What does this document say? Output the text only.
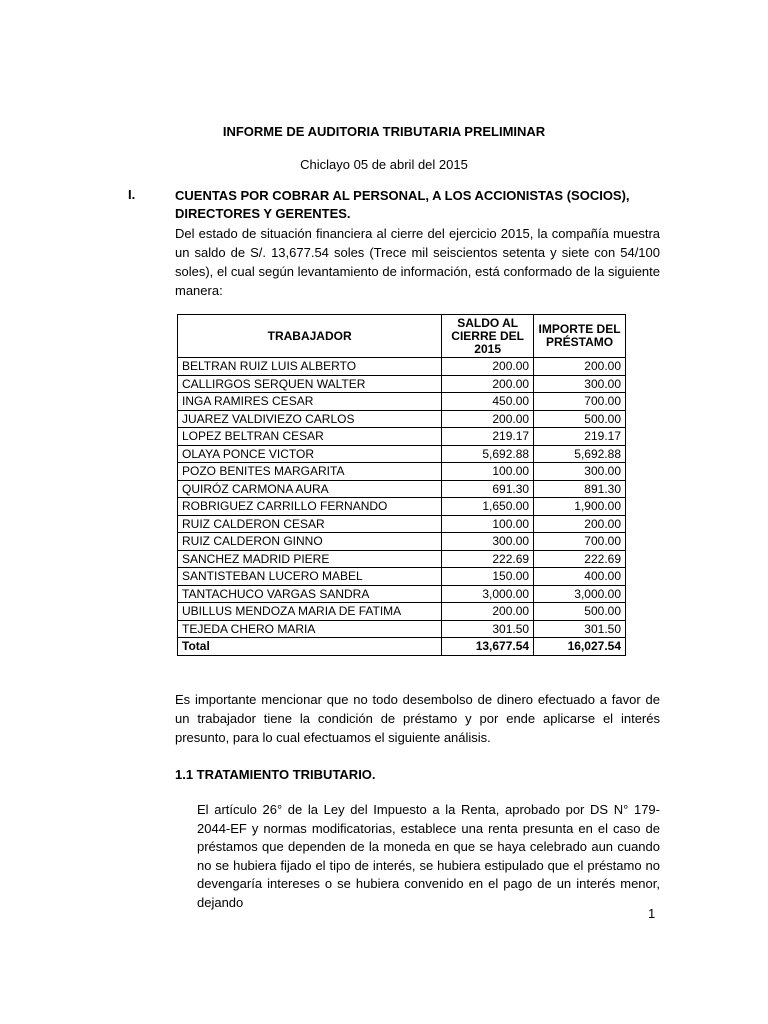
INFORME DE AUDITORIA TRIBUTARIA PRELIMINAR
Chiclayo 05 de abril del 2015
I.	CUENTAS POR COBRAR AL PERSONAL, A LOS ACCIONISTAS (SOCIOS), DIRECTORES Y GERENTES.
Del estado de situación financiera al cierre del ejercicio 2015, la compañía muestra un saldo de S/. 13,677.54 soles (Trece mil seiscientos setenta y siete con 54/100 soles), el cual según levantamiento de información, está conformado de la siguiente manera:
TRABAJADOR	SALDO AL CIERRE DEL 2015	IMPORTE DEL PRÉSTAMO
BELTRAN RUIZ LUIS ALBERTO	200.00	200.00
CALLIRGOS SERQUEN WALTER	200.00	300.00
INGA RAMIRES CESAR	450.00	700.00
JUAREZ VALDIVIEZO CARLOS	200.00	500.00
LOPEZ BELTRAN CESAR	219.17	219.17
OLAYA PONCE VICTOR	5,692.88	5,692.88
POZO BENITES MARGARITA	100.00	300.00
QUIRÓZ CARMONA AURA	691.30	891.30
ROBRIGUEZ CARRILLO FERNANDO	1,650.00	1,900.00
RUIZ CALDERON CESAR	100.00	200.00
RUIZ CALDERON GINNO	300.00	700.00
SANCHEZ MADRID PIERE	222.69	222.69
SANTISTEBAN LUCERO MABEL	150.00	400.00
TANTACHUCO VARGAS SANDRA	3,000.00	3,000.00
UBILLUS MENDOZA MARIA DE FATIMA	200.00	500.00
TEJEDA CHERO MARIA	301.50	301.50
Total	13,677.54	16,027.54
Es importante mencionar que no todo desembolso de dinero efectuado a favor de un trabajador tiene la condición de préstamo y por ende aplicarse el interés presunto, para lo cual efectuamos el siguiente análisis.
1.1 TRATAMIENTO TRIBUTARIO.
El artículo 26° de la Ley del Impuesto a la Renta, aprobado por DS N° 179-2044-EF y normas modificatorias, establece una renta presunta en el caso de préstamos que dependen de la moneda en que se haya celebrado aun cuando no se hubiera fijado el tipo de interés, se hubiera estipulado que el préstamo no devengaría intereses o se hubiera convenido en el pago de un interés menor, dejando
1
